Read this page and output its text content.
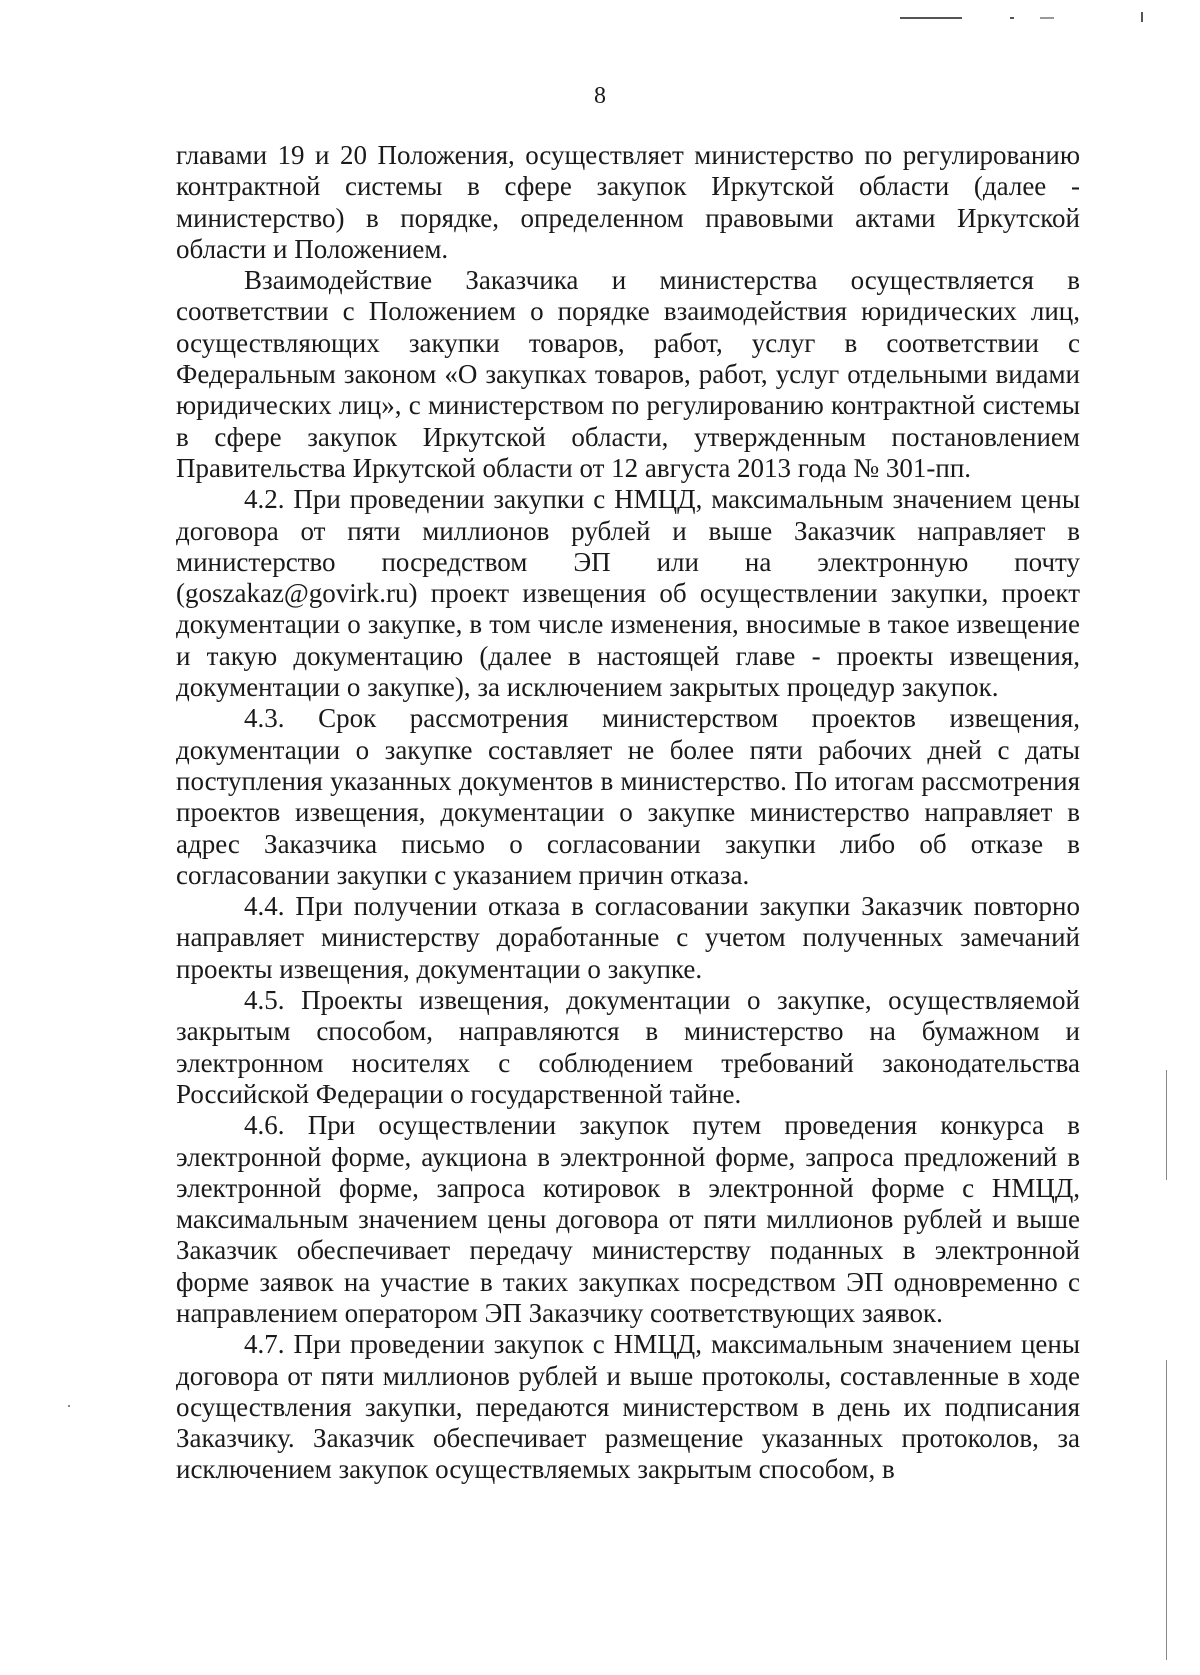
8

главами 19 и 20 Положения, осуществляет министерство по регулированию контрактной системы в сфере закупок Иркутской области (далее - министерство) в порядке, определенном правовыми актами Иркутской области и Положением.

Взаимодействие Заказчика и министерства осуществляется в соответствии с Положением о порядке взаимодействия юридических лиц, осуществляющих закупки товаров, работ, услуг в соответствии с Федеральным законом «О закупках товаров, работ, услуг отдельными видами юридических лиц», с министерством по регулированию контрактной системы в сфере закупок Иркутской области, утвержденным постановлением Правительства Иркутской области от 12 августа 2013 года № 301-пп.

4.2. При проведении закупки с НМЦД, максимальным значением цены договора от пяти миллионов рублей и выше Заказчик направляет в министерство посредством ЭП или на электронную почту (goszakaz@govirk.ru) проект извещения об осуществлении закупки, проект документации о закупке, в том числе изменения, вносимые в такое извещение и такую документацию (далее в настоящей главе - проекты извещения, документации о закупке), за исключением закрытых процедур закупок.

4.3. Срок рассмотрения министерством проектов извещения, документации о закупке составляет не более пяти рабочих дней с даты поступления указанных документов в министерство. По итогам рассмотрения проектов извещения, документации о закупке министерство направляет в адрес Заказчика письмо о согласовании закупки либо об отказе в согласовании закупки с указанием причин отказа.

4.4. При получении отказа в согласовании закупки Заказчик повторно направляет министерству доработанные с учетом полученных замечаний проекты извещения, документации о закупке.

4.5. Проекты извещения, документации о закупке, осуществляемой закрытым способом, направляются в министерство на бумажном и электронном носителях с соблюдением требований законодательства Российской Федерации о государственной тайне.

4.6. При осуществлении закупок путем проведения конкурса в электронной форме, аукциона в электронной форме, запроса предложений в электронной форме, запроса котировок в электронной форме с НМЦД, максимальным значением цены договора от пяти миллионов рублей и выше Заказчик обеспечивает передачу министерству поданных в электронной форме заявок на участие в таких закупках посредством ЭП одновременно с направлением оператором ЭП Заказчику соответствующих заявок.

4.7. При проведении закупок с НМЦД, максимальным значением цены договора от пяти миллионов рублей и выше протоколы, составленные в ходе осуществления закупки, передаются министерством в день их подписания Заказчику. Заказчик обеспечивает размещение указанных протоколов, за исключением закупок осуществляемых закрытым способом, в
